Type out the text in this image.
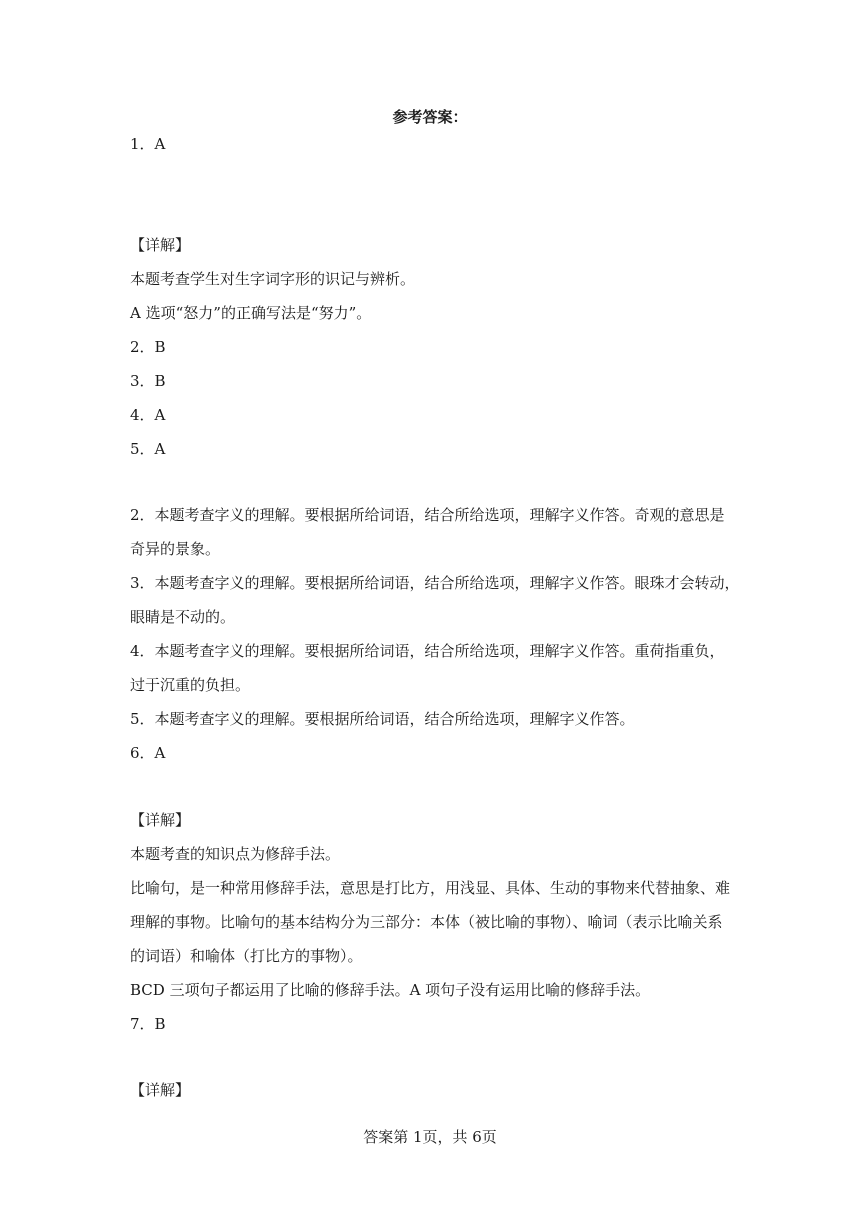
参考答案：
1．A
【详解】
本题考查学生对生字词字形的识记与辨析。
A 选项“怒力”的正确写法是“努力”。
2．B
3．B
4．A
5．A
2．本题考查字义的理解。要根据所给词语，结合所给选项，理解字义作答。奇观的意思是
奇异的景象。
3．本题考查字义的理解。要根据所给词语，结合所给选项，理解字义作答。眼珠才会转动，
眼睛是不动的。
4．本题考查字义的理解。要根据所给词语，结合所给选项，理解字义作答。重荷指重负，
过于沉重的负担。
5．本题考查字义的理解。要根据所给词语，结合所给选项，理解字义作答。
6．A
【详解】
本题考查的知识点为修辞手法。
比喻句，是一种常用修辞手法，意思是打比方，用浅显、具体、生动的事物来代替抽象、难
理解的事物。比喻句的基本结构分为三部分：本体（被比喻的事物）、喻词（表示比喻关系
的词语）和喻体（打比方的事物）。
BCD 三项句子都运用了比喻的修辞手法。A 项句子没有运用比喻的修辞手法。
7．B
【详解】
答案第 1页，共 6页
